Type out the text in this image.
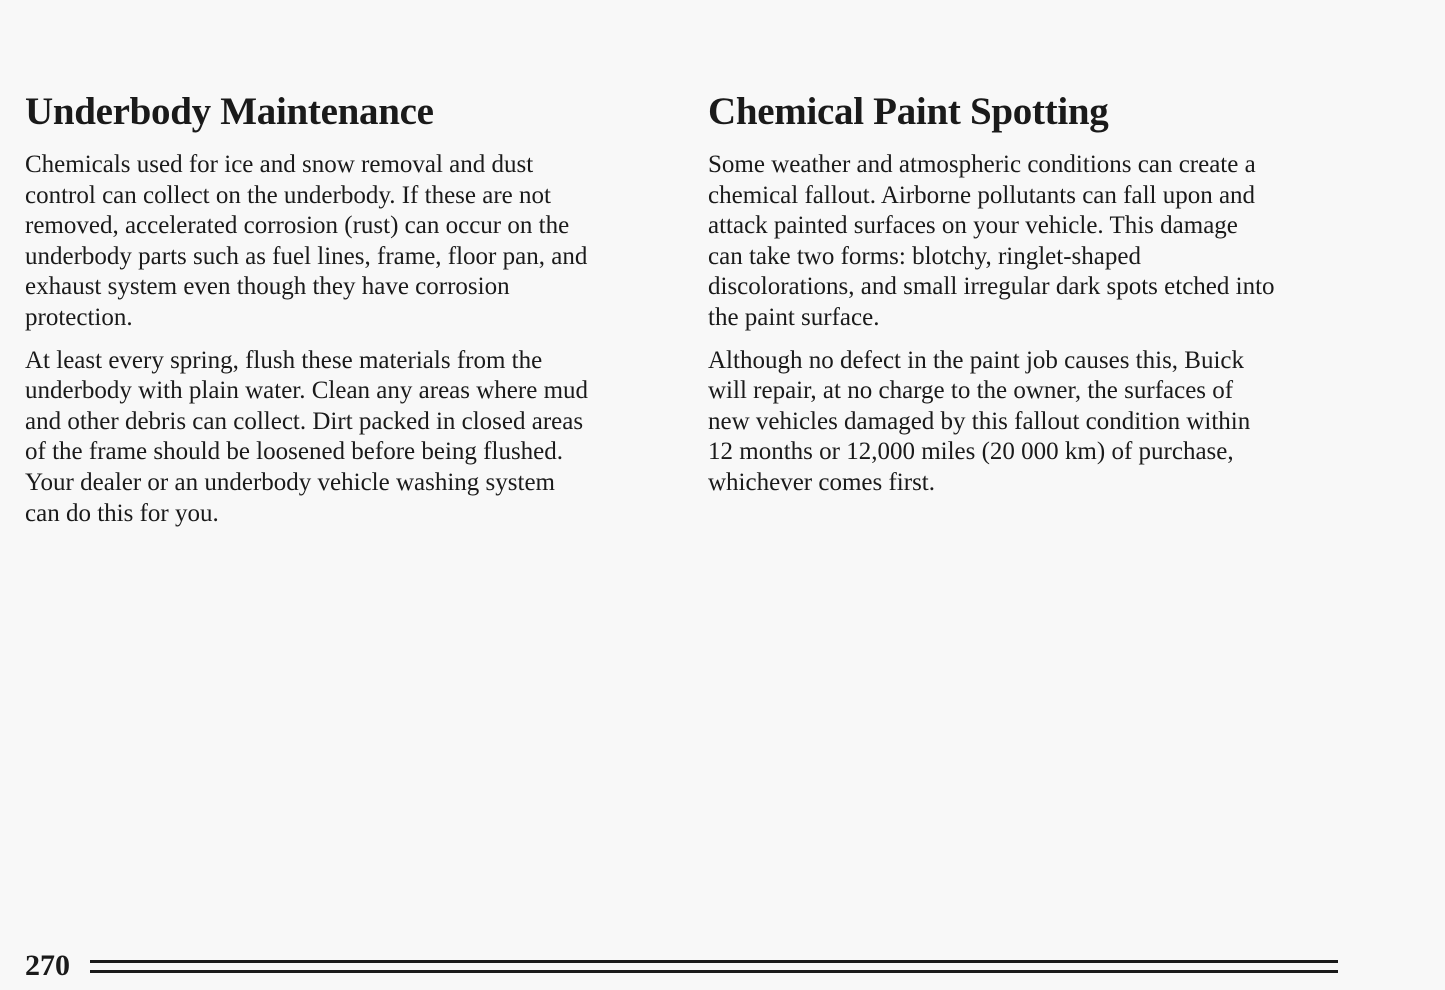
Underbody Maintenance

Chemicals used for ice and snow removal and dust
control can collect on the underbody. If these are not
removed, accelerated corrosion (rust) can occur on the
underbody parts such as fuel lines, frame, floor pan, and
exhaust system even though they have corrosion
protection.

At least every spring, flush these materials from the
underbody with plain water. Clean any areas where mud
and other debris can collect. Dirt packed in closed areas
of the frame should be loosened before being flushed.
Your dealer or an underbody vehicle washing system
can do this for you.

Chemical Paint Spotting

Some weather and atmospheric conditions can create a
chemical fallout. Airborne pollutants can fall upon and
attack painted surfaces on your vehicle. This damage
can take two forms: blotchy, ringlet-shaped
discolorations, and small irregular dark spots etched into
the paint surface.

Although no defect in the paint job causes this, Buick
will repair, at no charge to the owner, the surfaces of
new vehicles damaged by this fallout condition within
12 months or 12,000 miles (20 000 km) of purchase,
whichever comes first.

270
